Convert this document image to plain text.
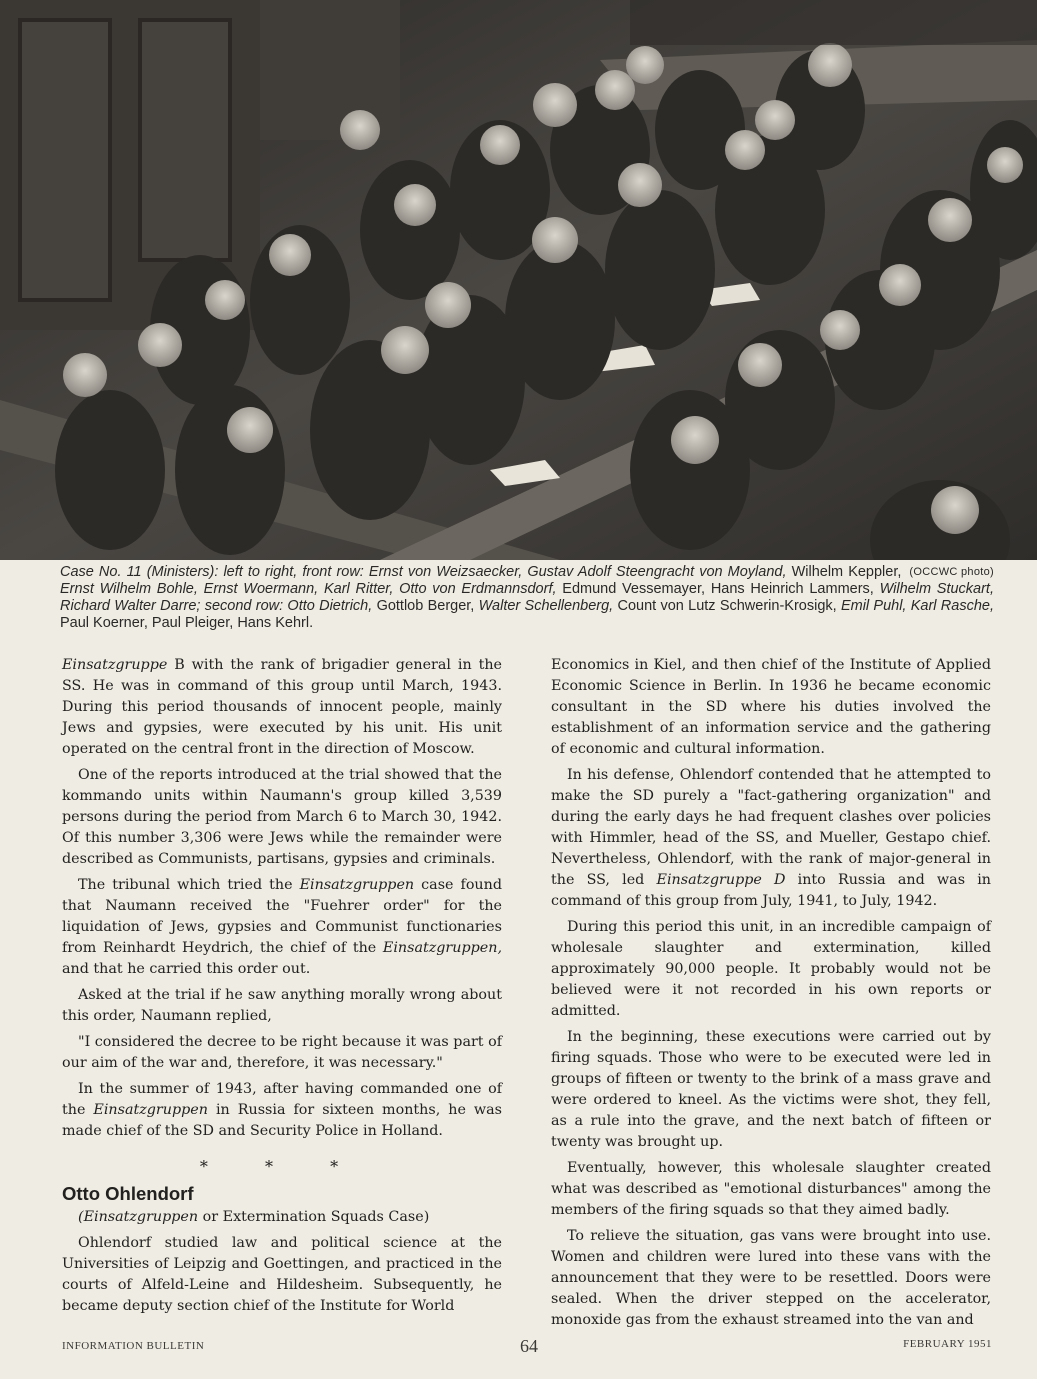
(OCCWC photo)
Case No. 11 (Ministers): left to right, front row: Ernst von Weizsaecker, Gustav Adolf Steengracht von Moyland, Wilhelm Keppler, Ernst Wilhelm Bohle, Ernst Woermann, Karl Ritter, Otto von Erdmannsdorf, Edmund Vessemayer, Hans Heinrich Lammers, Wilhelm Stuckart, Richard Walter Darre; second row: Otto Dietrich, Gottlob Berger, Walter Schellenberg, Count von Lutz Schwerin-Krosigk, Emil Puhl, Karl Rasche, Paul Koerner, Paul Pleiger, Hans Kehrl.

Einsatzgruppe B with the rank of brigadier general in the SS. He was in command of this group until March, 1943. During this period thousands of innocent people, mainly Jews and gypsies, were executed by his unit. His unit operated on the central front in the direction of Moscow.

One of the reports introduced at the trial showed that the kommando units within Naumann's group killed 3,539 persons during the period from March 6 to March 30, 1942. Of this number 3,306 were Jews while the remainder were described as Communists, partisans, gypsies and criminals.

The tribunal which tried the Einsatzgruppen case found that Naumann received the "Fuehrer order" for the liquidation of Jews, gypsies and Communist functionaries from Reinhardt Heydrich, the chief of the Einsatzgruppen, and that he carried this order out.

Asked at the trial if he saw anything morally wrong about this order, Naumann replied,

"I considered the decree to be right because it was part of our aim of the war and, therefore, it was necessary."

In the summer of 1943, after having commanded one of the Einsatzgruppen in Russia for sixteen months, he was made chief of the SD and Security Police in Holland.

* * *
Otto Ohlendorf

(Einsatzgruppen or Extermination Squads Case)

Ohlendorf studied law and political science at the Universities of Leipzig and Goettingen, and practiced in the courts of Alfeld-Leine and Hildesheim. Subsequently, he became deputy section chief of the Institute for World

Economics in Kiel, and then chief of the Institute of Applied Economic Science in Berlin. In 1936 he became economic consultant in the SD where his duties involved the establishment of an information service and the gathering of economic and cultural information.

In his defense, Ohlendorf contended that he attempted to make the SD purely a "fact-gathering organization" and during the early days he had frequent clashes over policies with Himmler, head of the SS, and Mueller, Gestapo chief. Nevertheless, Ohlendorf, with the rank of major-general in the SS, led Einsatzgruppe D into Russia and was in command of this group from July, 1941, to July, 1942.

During this period this unit, in an incredible campaign of wholesale slaughter and extermination, killed approximately 90,000 people. It probably would not be believed were it not recorded in his own reports or admitted.

In the beginning, these executions were carried out by firing squads. Those who were to be executed were led in groups of fifteen or twenty to the brink of a mass grave and were ordered to kneel. As the victims were shot, they fell, as a rule into the grave, and the next batch of fifteen or twenty was brought up.

Eventually, however, this wholesale slaughter created what was described as "emotional disturbances" among the members of the firing squads so that they aimed badly.

To relieve the situation, gas vans were brought into use. Women and children were lured into these vans with the announcement that they were to be resettled. Doors were sealed. When the driver stepped on the accelerator, monoxide gas from the exhaust streamed into the van and

INFORMATION BULLETIN	64	FEBRUARY 1951
